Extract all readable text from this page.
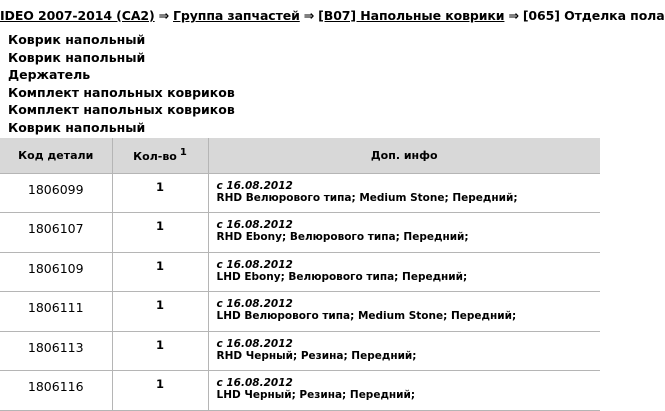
IDEO 2007-2014 (CA2) ⇒ Группа запчастей ⇒ [B07] Напольные коврики ⇒ [065] Отделка пола
Коврик напольный
Коврик напольный
Держатель
Комплект напольных ковриков
Комплект напольных ковриков
Коврик напольный
Код детали	Кол-во $^1$	Доп. инфо
1806099	1	с 16.08.2012
RHD Велюрового типа; Medium Stone; Передний;

1806107	1	с 16.08.2012
RHD Ebony; Велюрового типа; Передний;

1806109	1	с 16.08.2012
LHD Ebony; Велюрового типа; Передний;

1806111	1	с 16.08.2012
LHD Велюрового типа; Medium Stone; Передний;

1806113	1	с 16.08.2012
RHD Черный; Резина; Передний;

1806116	1	с 16.08.2012
LHD Черный; Резина; Передний;
